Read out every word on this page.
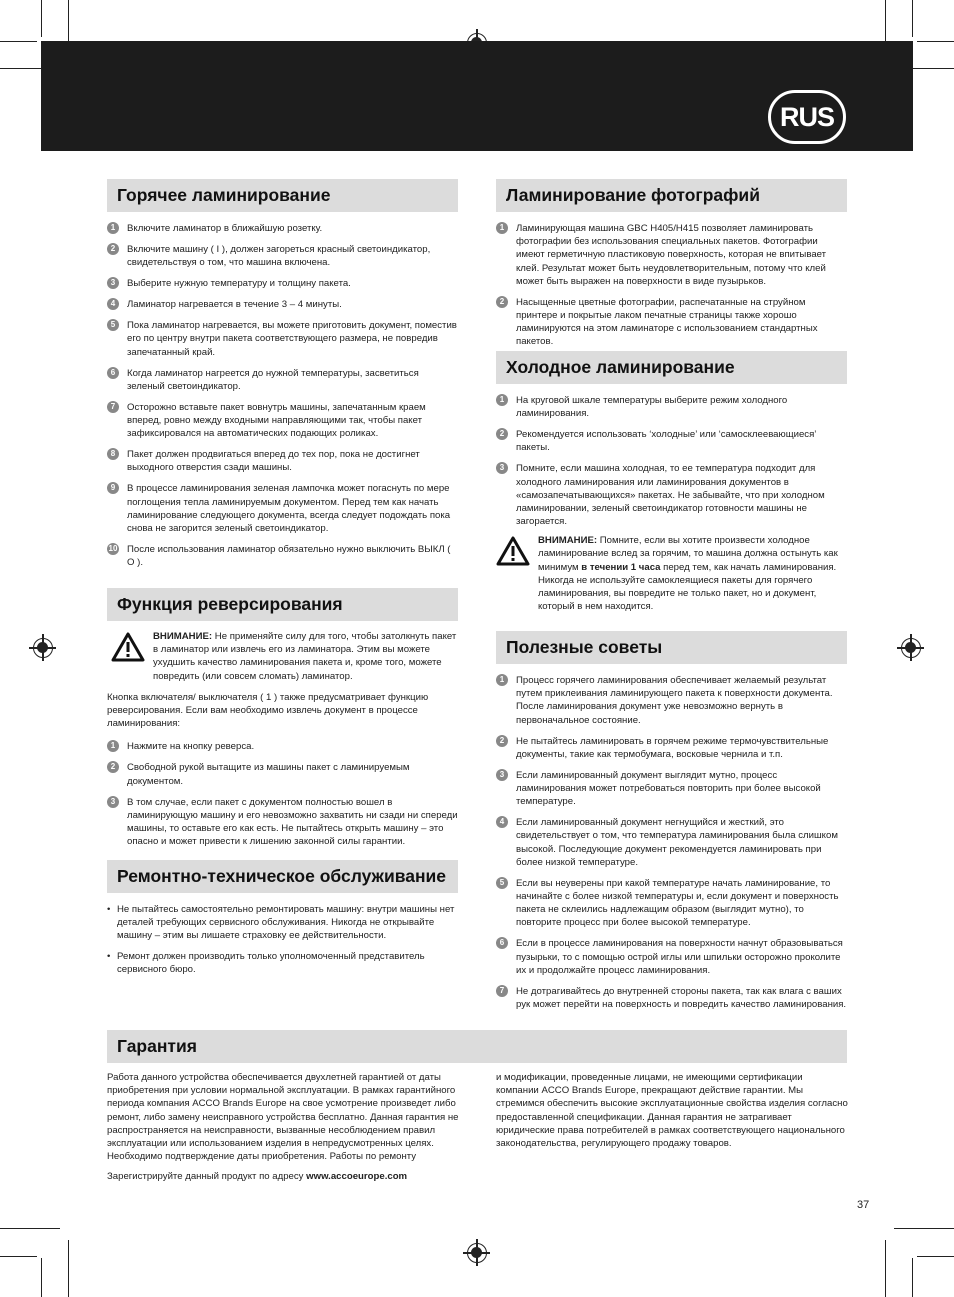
RUS
Горячее ламинирование
1	Включите ламинатор в ближайшую розетку.
2	Включите машину ( I ), должен загореться красный светоиндикатор, свидетельствуя о том, что машина включена.
3	Выберите нужную температуру и толщину пакета.
4	Ламинатор нагревается в течение 3 – 4 минуты.
5	Пока ламинатор нагревается, вы можете приготовить документ, поместив его по центру внутри пакета соответствующего размера, не повредив запечатанный край.
6	Когда ламинатор нагреется до нужной температуры, засветиться зеленый светоиндикатор.
7	Осторожно вставьте пакет вовнутрь машины, запечатанным краем вперед, ровно между входными направляющими так, чтобы пакет зафиксировался на автоматических подающих роликах.
8	Пакет должен продвигаться вперед до тех пор, пока не достигнет выходного отверстия сзади машины.
9	В процессе ламинирования зеленая лампочка может погаснуть по мере поглощения тепла ламинируемым документом. Перед тем как начать ламинирование следующего документа, всегда следует подождать пока снова не загорится зеленый светоиндикатор.
10 После использования ламинатор обязательно нужно выключить ВЫКЛ ( O ).
Функция реверсирования
ВНИМАНИЕ: Не применяйте силу для того, чтобы затолкнуть пакет в ламинатор или извлечь его из ламинатора. Этим вы можете ухудшить качество ламинирования пакета и, кроме того, можете повредить (или совсем сломать) ламинатор.

Кнопка включателя/ выключателя ( 1 ) также предусматривает функцию реверсирования. Если вам необходимо извлечь документ в процессе ламинирования:

1	Нажмите на кнопку реверса.
2	Свободной рукой вытащите из машины пакет с ламинируемым документом.
3	В том случае, если пакет с документом полностью вошел в ламинирующую машину и его невозможно захватить ни сзади ни спереди машины, то оставьте его как есть. Не пытайтесь открыть машину – это опасно и может привести к лишению законной силы гарантии.
Ремонтно-техническое обслуживание
• Не пытайтесь самостоятельно ремонтировать машину: внутри машины нет деталей требующих сервисного обслуживания. Никогда не открывайте машину – этим вы лишаете страховку ее действительности.
• Ремонт должен производить только уполномоченный представитель сервисного бюро.
Ламинирование фотографий
1	Ламинирующая машина GBC H405/H415 позволяет ламинировать фотографии без использования специальных пакетов. Фотографии имеют герметичную пластиковую поверхность, которая не впитывает клей. Результат может быть неудовлетворительным, потому что клей может быть выражен на поверхности в виде пузырьков.
2	Насыщенные цветные фотографии, распечатанные на струйном принтере и покрытые лаком печатные страницы также хорошо ламинируются на этом ламинаторе с использованием стандартных пакетов.
Холодное ламинирование
1	На круговой шкале температуры выберите режим холодного ламинирования.
2	Рекомендуется использовать ‘холодные’ или ‘самосклеевающиеся’ пакеты.
3	Помните, если машина холодная, то ее температура подходит для холодного ламинирования или ламинирования документов в «самозапечатывающихся» пакетах. Не забывайте, что при холодном ламинировании, зеленый светоиндикатор готовности машины не загорается.
ВНИМАНИЕ: Помните, если вы хотите произвести холодное ламинирование вслед за горячим, то машина должна остынуть как минимум в течении 1 часа перед тем, как начать ламинирования. Никогда не используйте самоклеящиеся пакеты для горячего ламинирования, вы повредите не только пакет, но и документ, который в нем находится.
Полезные советы
1	Процесс горячего ламинирования обеспечивает желаемый результат путем приклеивания ламинирующего пакета к поверхности документа. После ламинирования документ уже невозможно вернуть в первоначальное состояние.
2	Не пытайтесь ламинировать в горячем режиме термочувствительные документы, такие как термобумага, восковые чернила и т.п.
3	Если ламинированный документ выглядит мутно, процесс ламинирования может потребоваться повторить при более высокой температуре.
4	Если ламинированный документ негнущийся и жесткий, это свидетельствует о том, что температура ламинирования была слишком высокой. Последующие документ рекомендуется ламинировать при более низкой температуре.
5	Если вы неуверены при какой температуре начать ламинирование, то начинайте с более низкой температуры и, если документ и поверхность пакета не склеились надлежащим образом (выглядит мутно), то повторите процесс при более высокой температуре.
6	Если в процессе ламинирования на поверхности начнут образовываться пузырьки, то с помощью острой иглы или шпильки осторожно проколите их и продолжайте процесс ламинирования.
7	Не дотрагивайтесь до внутренней стороны пакета, так как влага с ваших рук может перейти на поверхность и повредить качество ламинирования.
Гарантия

Работа данного устройства обеспечивается двухлетней гарантией от даты приобретения при условии нормальной эксплуатации. В рамках гарантийного периода компания ACCO Brands Europe на свое усмотрение произведет либо ремонт, либо замену неисправного устройства бесплатно. Данная гарантия не распространяется на неисправности, вызванные несоблюдением правил эксплуатации или использованием изделия в непредусмотренных целях. Необходимо подтверждение даты приобретения. Работы по ремонту

Зарегистрируйте данный продукт по адресу www.accoeurope.com

и модификации, проведенные лицами, не имеющими сертификации компании ACCO Brands Europe, прекращают действие гарантии. Мы стремимся обеспечить высокие эксплуатационные свойства изделия согласно предоставленной спецификации. Данная гарантия не затрагивает юридические права потребителей в рамках соответствующего национального законодательства, регулирующего продажу товаров.

37
